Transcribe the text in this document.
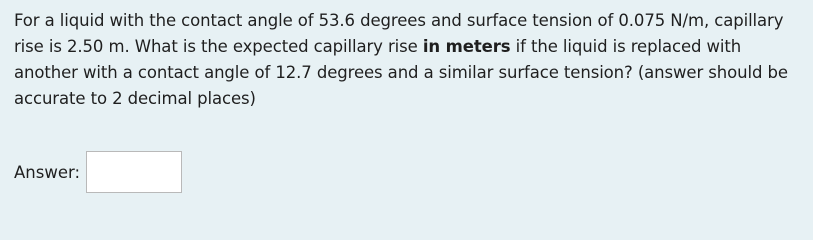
For a liquid with the contact angle of 53.6 degrees and surface tension of 0.075 N/m, capillary rise is 2.50 m. What is the expected capillary rise in meters if the liquid is replaced with another with a contact angle of 12.7 degrees and a similar surface tension? (answer should be accurate to 2 decimal places)
Answer:
